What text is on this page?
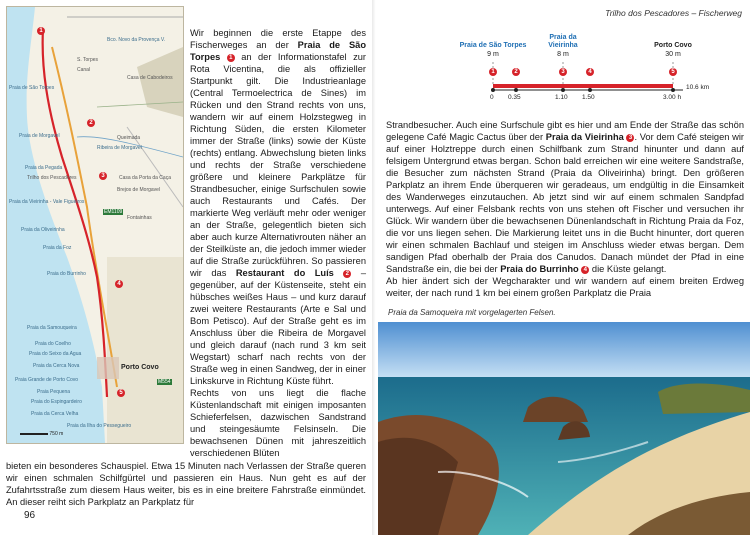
1
2
3
4
5
Bco. Novo da Provença V.
Praia de São Torpes
S. Torpes
Canal
Casa de Cabodeiros
Queimada
Praia de Morgavel
Ribeira de Morgavel
Praia da Pegada
Trilho dos Pescadores	Casa da Porta da Caça
Brejos de Morgavel
Praia da Vieirinha - Vale Figueiros
Fontainhas
EM1109
Praia da Oliveirinha
Praia da Foz
Praia do Burrinho
Praia da Samouqueira
Praia do Coelho
Praia do Seixo da Agua
Praia da Cerca Nova
Praia Grande de Porto Covo
Porto Covo
Praia Pequena
Praia do Espingardeiro
Praia da Cerca Velha
Praia da Ilha do Pessegueiro
M554
750 m
Wir beginnen die erste Etappe des Fischerweges an der Praia de São Torpes 1 an der Informationstafel zur Rota Vicentina, die als offizieller Startpunkt gilt. Die Industrieanlage (Central Termoelectrica de Sines) im Rücken und den Strand rechts von uns, wandern wir auf einem Holzstegweg in Richtung Süden, die ersten Kilometer immer der Straße (links) sowie der Küste (rechts) entlang. Abwechslung bieten links und rechts der Straße verschiedene größere und kleinere Parkplätze für Strandbesucher, einige Surfschulen sowie auch Restaurants und Cafés. Der markierte Weg verläuft mehr oder weniger an der Straße, gelegentlich bieten sich aber auch kurze Alternativrouten näher an der Steilküste an, die jedoch immer wieder auf die Straße zurückführen. So passieren wir das Restaurant do Luís 2 – gegenüber, auf der Küstenseite, steht ein hübsches weißes Haus – und kurz darauf zwei weitere Restaurants (Arte e Sal und Bom Petisco). Auf der Straße geht es im Anschluss über die Ribeira de Morgavel und gleich darauf (nach rund 3 km seit Wegstart) scharf nach rechts von der Straße weg in einen Sandweg, der in einer Linkskurve in Richtung Küste führt.
Rechts von uns liegt die flache Küstenlandschaft mit einigen imposanten Schieferfelsen, dazwischen Sandstrand und steingesäumte Felsinseln. Die bewachsenen Dünen mit jahreszeitlich verschiedenen Blüten
bieten ein besonderes Schauspiel. Etwa 15 Minuten nach Verlassen der Straße queren wir einen schmalen Schilfgürtel und passieren ein Haus. Nun geht es auf der Zufahrtsstraße zum diesem Haus weiter, bis es in eine breitere Fahrstraße einmündet. An dieser reiht sich Parkplatz an Parkplatz für
96
Trilho dos Pescadores – Fischerweg
Praia de São Torpes
9 m
Praia da Vieirinha
8 m
Porto Covo
30 m
1	2	3	4	5
0 0.35	1.10 1.50	3.00 h
10.6 km
Strandbesucher. Auch eine Surfschule gibt es hier und am Ende der Straße das schön gelegene Café Magic Cactus über der Praia da Vieirinha 3 . Vor dem Café steigen wir auf einer Holztreppe durch einen Schilfbank zum Strand hinunter und dann auf felsigem Untergrund etwas bergan. Schon bald erreichen wir eine weitere Sandstraße, die Besucher zum nächsten Strand (Praia da Oliveirinha) bringt. Den größeren Parkplatz an ihrem Ende überqueren wir geradeaus, um endgültig in die Einsamkeit des Wanderweges einzutauchen. Ab jetzt sind wir auf einem schmalen Sandpfad unterwegs. Auf einer Felsbank rechts von uns stehen oft Fischer und versuchen ihr Glück. Wir wandern über die bewachsenen Dünenlandschaft in Richtung Praia da Foz, die vor uns liegen sehen. Die Markierung leitet uns in die Bucht hinunter, dort queren wir einen schmalen Bachlauf und steigen im Anschluss wieder etwas bergan. Dem sandigen Pfad oberhalb der Praia dos Canudos. Danach mündet der Pfad in eine Sandstraße ein, die bei der Praia do Burrinho 4 die Küste gelangt.
Ab hier ändert sich der Wegcharakter und wir wandern auf einem breiten Erdweg weiter, der nach rund 1 km bei einem großen Parkplatz die Praia
Praia da Samoqueira mit vorgelagerten Felsen.
